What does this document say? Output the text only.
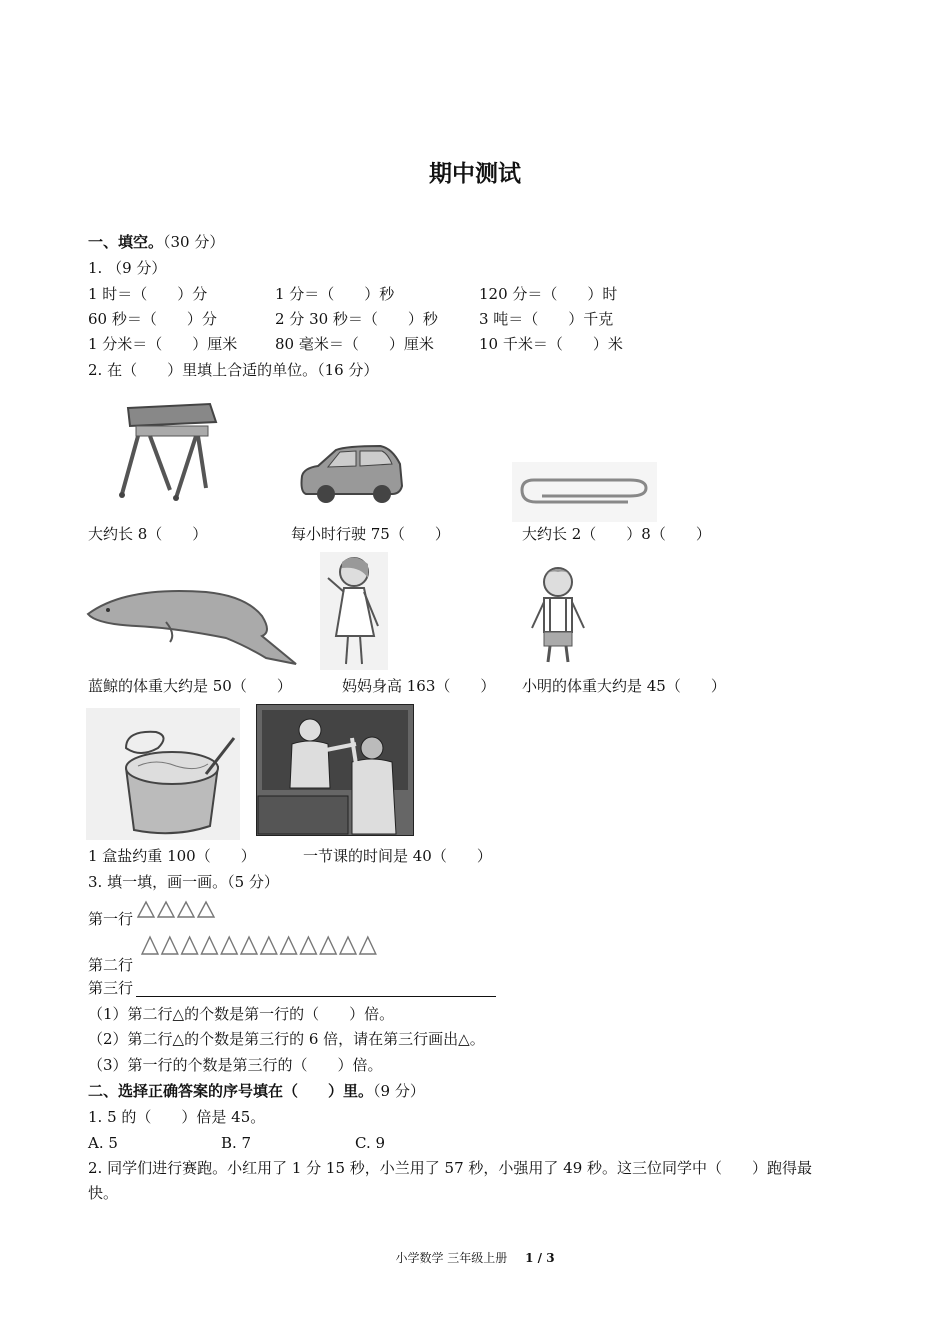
期中测试
一、填空。（30 分）
1. （9 分）
1 时＝（　　）分	1 分＝（　　）秒	120 分＝（　　）时
60 秒＝（　　）分	2 分 30 秒＝（　　）秒	3 吨＝（　　）千克
1 分米＝（　　）厘米	80 毫米＝（　　）厘米	10 千米＝（　　）米
2. 在（　　）里填上合适的单位。（16 分）
大约长 8（　　）	每小时行驶 75（　　）	大约长 2（　　）8（　　）
蓝鲸的体重大约是 50（　　）	妈妈身高 163（　　） 小明的体重大约是 45（　　）
1 盒盐约重 100（　　）	一节课的时间是 40（　　）
3. 填一填，画一画。（5 分）
第一行
第二行
第三行
（1）第二行△的个数是第一行的（　　）倍。
（2）第二行△的个数是第三行的 6 倍，请在第三行画出△。
（3）第一行的个数是第三行的（　　）倍。
二、选择正确答案的序号填在（　　）里。（9 分）
1. 5 的（　　）倍是 45。
A. 5	B. 7	C. 9
2. 同学们进行赛跑。小红用了 1 分 15 秒，小兰用了 57 秒，小强用了 49 秒。这三位同学中（　　）跑得最
快。
小学数学 三年级上册 1 / 3
